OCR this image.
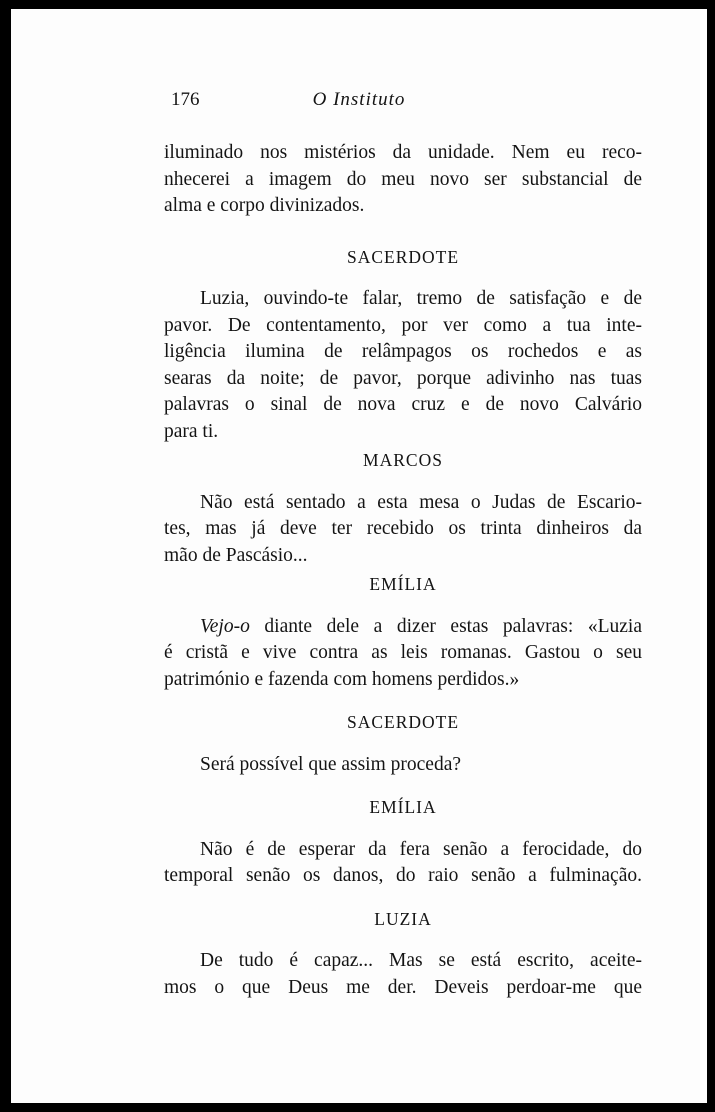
176	O Instituto

iluminado nos mistérios da unidade. Nem eu reco-
nhecerei a imagem do meu novo ser substancial de
alma e corpo divinizados.

SACERDOTE

Luzia, ouvindo-te falar, tremo de satisfação e de
pavor. De contentamento, por ver como a tua inte-
ligência ilumina de relâmpagos os rochedos e as
searas da noite; de pavor, porque adivinho nas tuas
palavras o sinal de nova cruz e de novo Calvário
para ti.

MARCOS

Não está sentado a esta mesa o Judas de Escario-
tes, mas já deve ter recebido os trinta dinheiros da
mão de Pascásio...

EMÍLIA

Vejo-o diante dele a dizer estas palavras: «Luzia
é cristã e vive contra as leis romanas. Gastou o seu
património e fazenda com homens perdidos.»

SACERDOTE

Será possível que assim proceda?

EMÍLIA

Não é de esperar da fera senão a ferocidade, do
temporal senão os danos, do raio senão a fulminação.

LUZIA

De tudo é capaz... Mas se está escrito, aceite-
mos o que Deus me der. Deveis perdoar-me que
